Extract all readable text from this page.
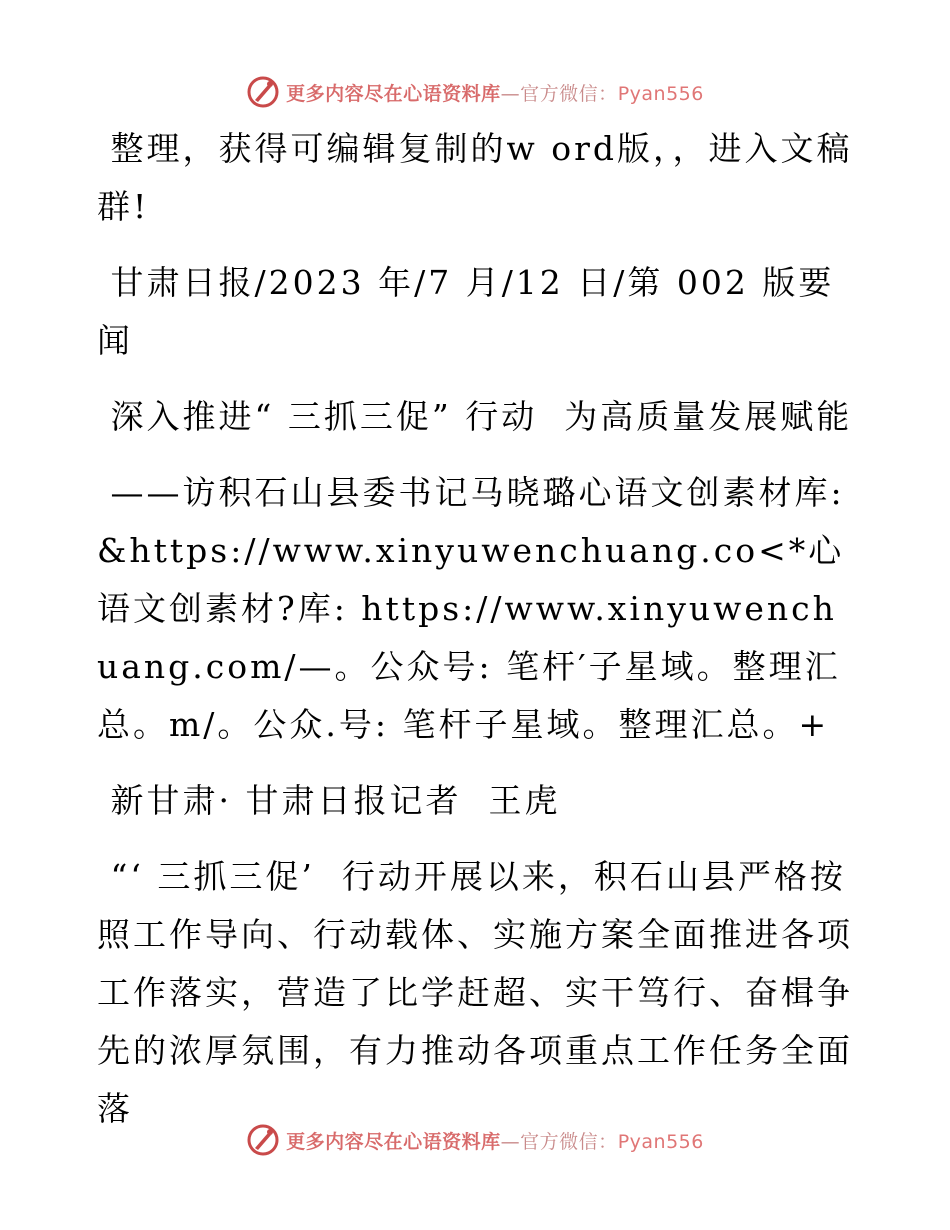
更多内容尽在心语资料库—官方微信：Pyan556

整理，获得可编辑复制的w ord版，，进入文稿群!

甘肃日报/2023 年/7 月/12 日/第 002 版要闻

深入推进“ 三抓三促” 行动  为高质量发展赋能

——访积石山县委书记马晓璐心语文创素材库: &https://www.xinyuwenchuang.co<*心语文创素材?库: https://www.xinyuwenchuang.com/—。公众号: 笔杆′子星域。整理汇总。m/。公众.号: 笔杆子星域。整理汇总。+

新甘肃· 甘肃日报记者  王虎

“‘ 三抓三促’  行动开展以来，积石山县严格按照工作导向、行动载体、实施方案全面推进各项工作落实，营造了比学赶超、实干笃行、奋楫争先的浓厚氛围，有力推动各项重点工作任务全面落

更多内容尽在心语资料库—官方微信：Pyan556
